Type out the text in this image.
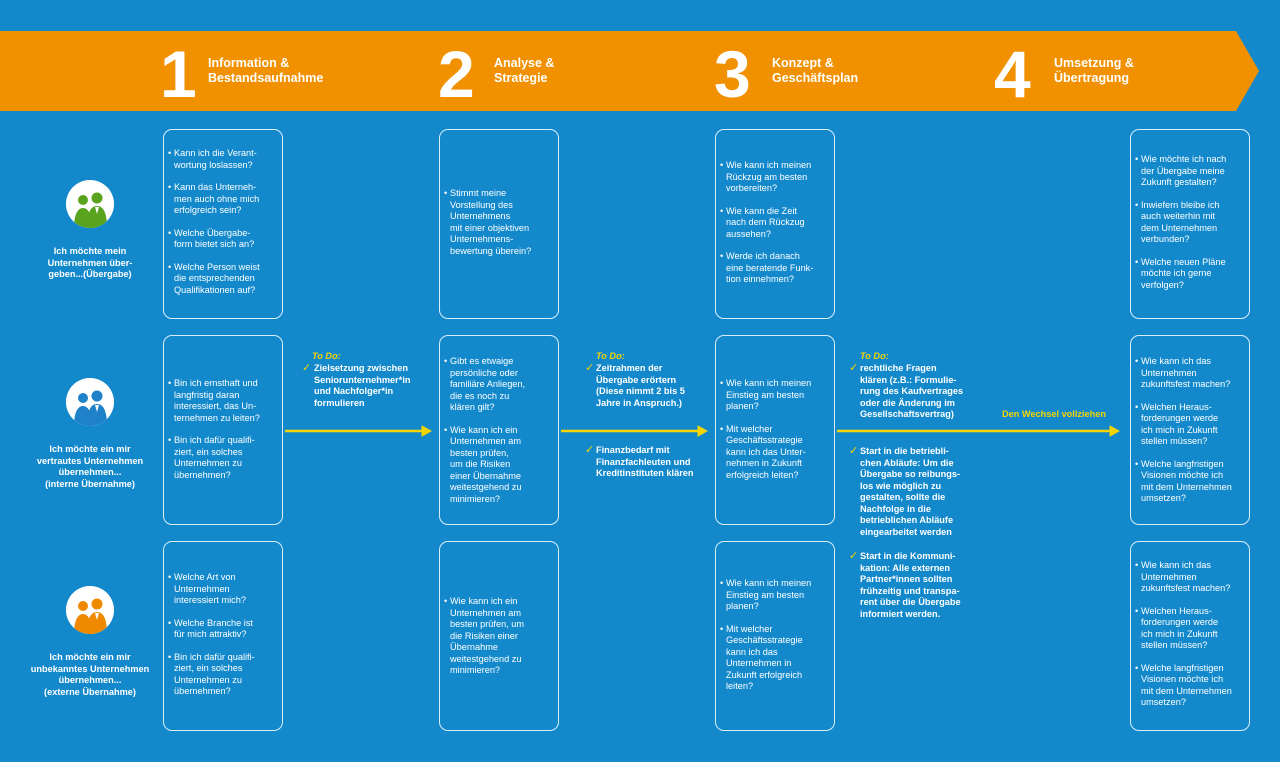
1 Information &
Bestandsaufnahme 2 Analyse &
Strategie	3 Konzept &
Geschäftsplan	4 Umsetzung &
Übertragung
Ich möchte mein
Unternehmen über-
geben...(Übergabe)
Ich möchte ein mir
vertrautes Unternehmen
übernehmen...
(interne Übernahme)
Ich möchte ein mir
unbekanntes Unternehmen
übernehmen...
(externe Übernahme)
• Kann ich die Verant-
wortung loslassen?
• Kann das Unterneh-
men auch ohne mich
erfolgreich sein?
• Welche Übergabe-
form bietet sich an?
• Welche Person weist
die entsprechenden
Qualifikationen auf?
• Stimmt meine
Vorstellung des
Unternehmens
mit einer objektiven
Unternehmens-
bewertung überein?
• Wie kann ich meinen
Rückzug am besten
vorbereiten?
• Wie kann die Zeit
nach dem Rückzug
aussehen?
• Werde ich danach
eine beratende Funk-
tion einnehmen?
• Wie möchte ich nach
der Übergabe meine
Zukunft gestalten?
• Inwiefern bleibe ich
auch weiterhin mit
dem Unternehmen
verbunden?
• Welche neuen Pläne
möchte ich gerne
verfolgen?
• Bin ich ernsthaft und
langfristig daran
interessiert, das Un-
ternehmen zu leiten?
• Bin ich dafür qualifi-
ziert, ein solches
Unternehmen zu
übernehmen?
• Gibt es etwaige
persönliche oder
familiäre Anliegen,
die es noch zu
klären gilt?
• Wie kann ich ein
Unternehmen am
besten prüfen,
um die Risiken
einer Übernahme
weitestgehend zu
minimieren?
• Wie kann ich meinen
Einstieg am besten
planen?
• Mit welcher
Geschäftsstrategie
kann ich das Unter-
nehmen in Zukunft
erfolgreich leiten?
• Wie kann ich das
Unternehmen
zukunftsfest machen?
• Welchen Heraus-
forderungen werde
ich mich in Zukunft
stellen müssen?
• Welche langfristigen
Visionen möchte ich
mit dem Unternehmen
umsetzen?
• Welche Art von
Unternehmen
interessiert mich?
• Welche Branche ist
für mich attraktiv?
• Bin ich dafür qualifi-
ziert, ein solches
Unternehmen zu
übernehmen?
• Wie kann ich ein
Unternehmen am
besten prüfen, um
die Risiken einer
Übernahme
weitestgehend zu
minimieren?
• Wie kann ich meinen
Einstieg am besten
planen?
• Mit welcher
Geschäftsstrategie
kann ich das
Unternehmen in
Zukunft erfolgreich
leiten?
• Wie kann ich das
Unternehmen
zukunftsfest machen?
• Welchen Heraus-
forderungen werde
ich mich in Zukunft
stellen müssen?
• Welche langfristigen
Visionen möchte ich
mit dem Unternehmen
umsetzen?
Den Wechsel vollziehen
To Do:
✓ Zielsetzung zwischen
Seniorunternehmer*in
und Nachfolger*in
formulieren
To Do:
✓ Zeitrahmen der
Übergabe erörtern
(Diese nimmt 2 bis 5
Jahre in Anspruch.)
✓ Finanzbedarf mit
Finanzfachleuten und
Kreditinstituten klären
To Do:
✓ rechtliche Fragen
klären (z.B.: Formulie-
rung des Kaufvertrages
oder die Änderung im
Gesellschaftsvertrag)
✓ Start in die betriebli-
chen Abläufe: Um die
Übergabe so reibungs-
los wie möglich zu
gestalten, sollte die
Nachfolge in die
betrieblichen Abläufe
eingearbeitet werden
✓ Start in die Kommuni-
kation: Alle externen
Partner*innen sollten
frühzeitig und transpa-
rent über die Übergabe
informiert werden.
